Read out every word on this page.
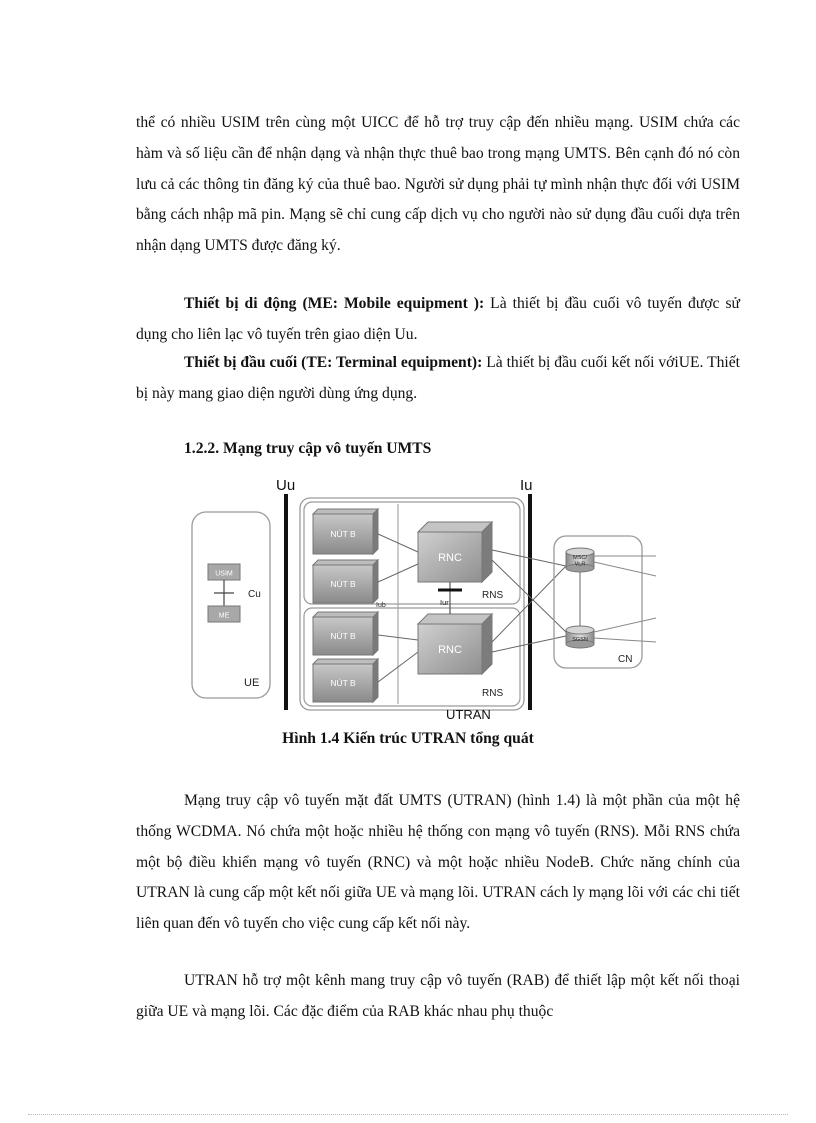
thể có nhiều USIM trên cùng một UICC để hỗ trợ truy cập đến nhiều mạng. USIM chứa các hàm và số liệu cần để nhận dạng và nhận thực thuê bao trong mạng UMTS. Bên cạnh đó nó còn lưu cả các thông tin đăng ký của thuê bao. Người sử dụng phải tự mình nhận thực đối với USIM bằng cách nhập mã pin. Mạng sẽ chỉ cung cấp dịch vụ cho người nào sử dụng đầu cuối dựa trên nhận dạng UMTS được đăng ký.

Thiết bị di động (ME: Mobile equipment ): Là thiết bị đầu cuối vô tuyến được sử dụng cho liên lạc vô tuyến trên giao diện Uu.

Thiết bị đầu cuối (TE: Terminal equipment): Là thiết bị đầu cuối kết nối vớiUE. Thiết bị này mang giao diện người dùng ứng dụng.

1.2.2. Mạng truy cập vô tuyến UMTS

USIM
Cu
ME
UE
Uu
UTRAN
RNS
RNS
Iub
NÚT B
NÚT B
NÚT B
NÚT B
RNC
RNC
Iur
Iu
CN
MSC/
VLR
SGSN

Hình 1.4 Kiến trúc UTRAN tổng quát

Mạng truy cập vô tuyến mặt đất UMTS (UTRAN) (hình 1.4) là một phần của một hệ thống WCDMA. Nó chứa một hoặc nhiều hệ thống con mạng vô tuyến (RNS). Mỗi RNS chứa một bộ điều khiển mạng vô tuyến (RNC) và một hoặc nhiều NodeB. Chức năng chính của UTRAN là cung cấp một kết nối giữa UE và mạng lõi. UTRAN cách ly mạng lõi với các chi tiết liên quan đến vô tuyến cho việc cung cấp kết nối này.

UTRAN hỗ trợ một kênh mang truy cập vô tuyến (RAB) để thiết lập một kết nối thoại giữa UE và mạng lõi. Các đặc điểm của RAB khác nhau phụ thuộc
